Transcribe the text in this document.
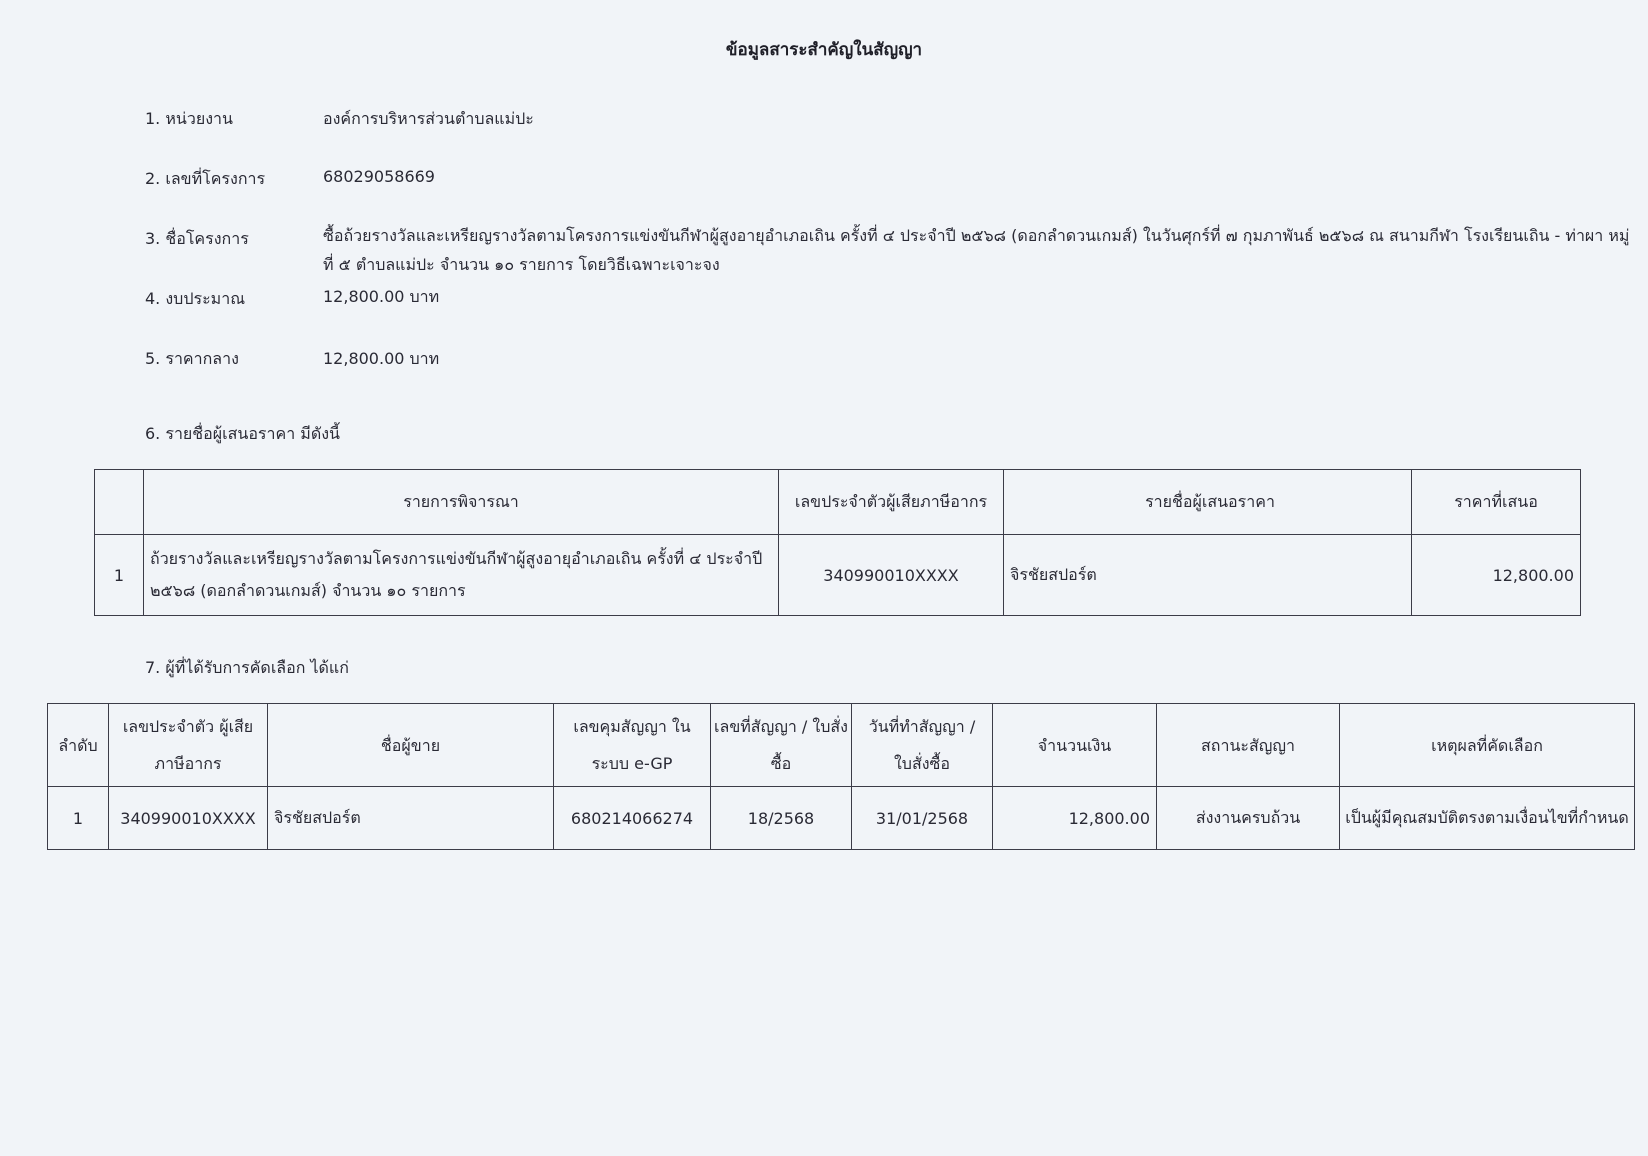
ข้อมูลสาระสำคัญในสัญญา
1. หน่วยงาน	องค์การบริหารส่วนตำบลแม่ปะ
2. เลขที่โครงการ	68029058669
3. ชื่อโครงการ	ซื้อถ้วยรางวัลและเหรียญรางวัลตามโครงการแข่งขันกีฬาผู้สูงอายุอำเภอเถิน ครั้งที่ ๔ ประจำปี ๒๕๖๘ (ดอกลำดวนเกมส์) ในวันศุกร์ที่ ๗ กุมภาพันธ์ ๒๕๖๘ ณ สนามกีฬา โรงเรียนเถิน - ท่าผา หมู่ที่ ๕ ตำบลแม่ปะ จำนวน ๑๐ รายการ โดยวิธีเฉพาะเจาะจง
4. งบประมาณ	12,800.00 บาท
5. ราคากลาง	12,800.00 บาท
6. รายชื่อผู้เสนอราคา มีดังนี้
	รายการพิจารณา	เลขประจำตัวผู้เสียภาษีอากร	รายชื่อผู้เสนอราคา	ราคาที่เสนอ
1	ถ้วยรางวัลและเหรียญรางวัลตามโครงการแข่งขันกีฬาผู้สูงอายุอำเภอเถิน ครั้งที่ ๔ ประจำปี ๒๕๖๘ (ดอกลำดวนเกมส์) จำนวน ๑๐ รายการ	340990010XXXX	จิรชัยสปอร์ต	12,800.00
7. ผู้ที่ได้รับการคัดเลือก ได้แก่
ลำดับ	เลขประจำตัว ผู้เสียภาษีอากร	ชื่อผู้ขาย	เลขคุมสัญญา ในระบบ e-GP	เลขที่สัญญา / ใบสั่งซื้อ	วันที่ทำสัญญา / ใบสั่งซื้อ	จำนวนเงิน	สถานะสัญญา	เหตุผลที่คัดเลือก
1	340990010XXXX	จิรชัยสปอร์ต	680214066274	18/2568	31/01/2568	12,800.00	ส่งงานครบถ้วน	เป็นผู้มีคุณสมบัติตรงตามเงื่อนไขที่กำหนด
